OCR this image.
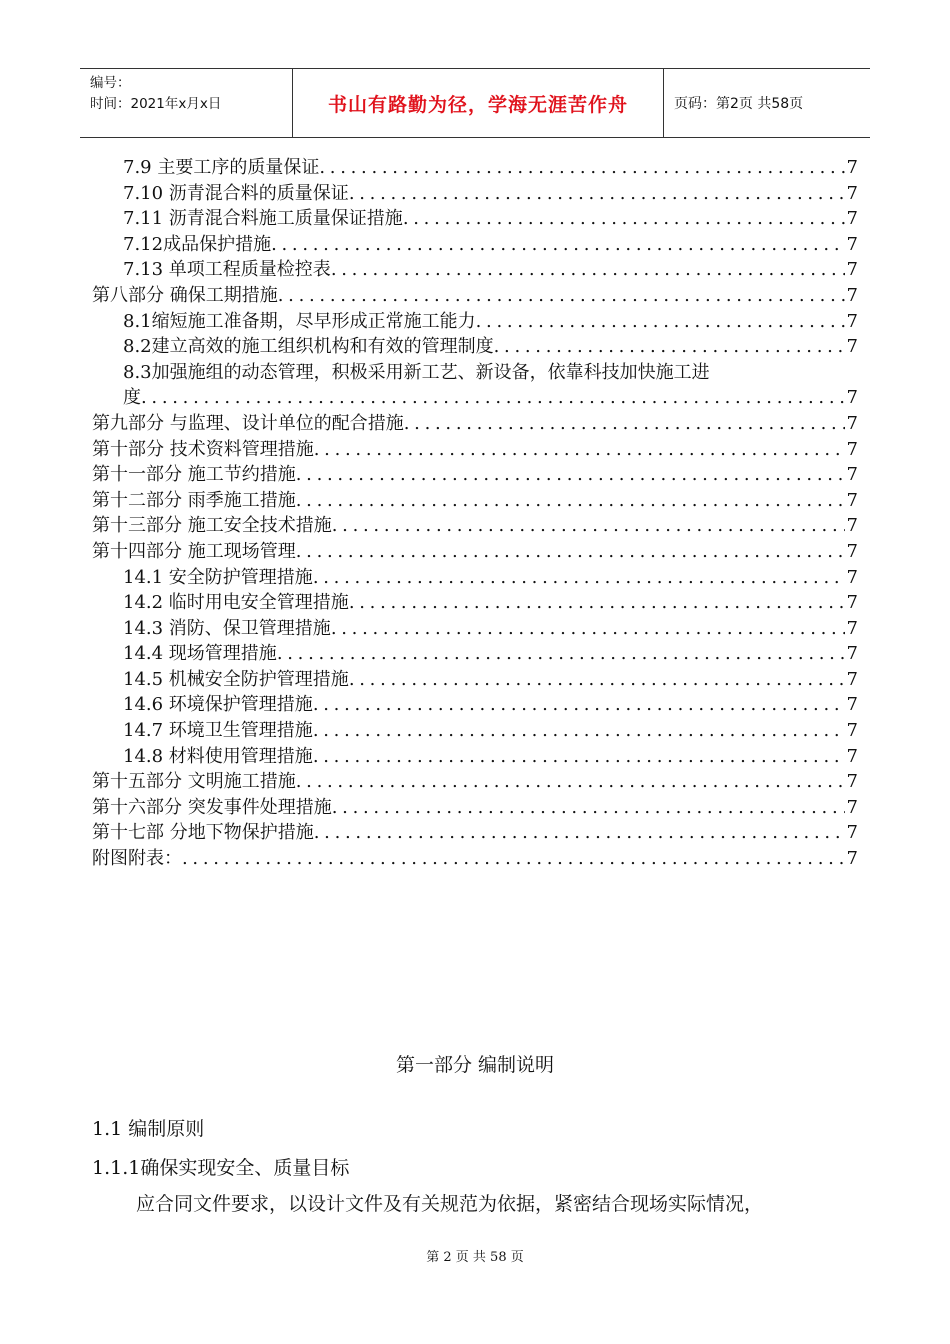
编号：
时间：2021年x月x日	书山有路勤为径，学海无涯苦作舟	页码：第2页 共58页
7.9 主要工序的质量保证 .....	7
7.10 沥青混合料的质量保证 .....	7
7.11 沥青混合料施工质量保证措施 .....	7
7.12成品保护措施 .....	7
7.13 单项工程质量检控表 .....	7
第八部分 确保工期措施 .....	7
8.1缩短施工准备期，尽早形成正常施工能力 .....	7
8.2建立高效的施工组织机构和有效的管理制度 .....	7
8.3加强施组的动态管理，积极采用新工艺、新设备，依靠科技加快施工进
度 .....	7
第九部分 与监理、设计单位的配合措施 .....	7
第十部分 技术资料管理措施 .....	7
第十一部分 施工节约措施 .....	7
第十二部分 雨季施工措施 .....	7
第十三部分 施工安全技术措施 .....	7
第十四部分 施工现场管理 .....	7
14.1 安全防护管理措施 .....	7
14.2 临时用电安全管理措施 .....	7
14.3 消防、保卫管理措施 .....	7
14.4 现场管理措施 .....	7
14.5 机械安全防护管理措施 .....	7
14.6 环境保护管理措施 .....	7
14.7 环境卫生管理措施 .....	7
14.8 材料使用管理措施 .....	7
第十五部分 文明施工措施 .....	7
第十六部分 突发事件处理措施 .....	7
第十七部 分地下物保护措施 .....	7
附图附表： .....	7
第一部分 编制说明
1.1 编制原则
1.1.1确保实现安全、质量目标
应合同文件要求，以设计文件及有关规范为依据，紧密结合现场实际情况，
第 2 页 共 58 页
